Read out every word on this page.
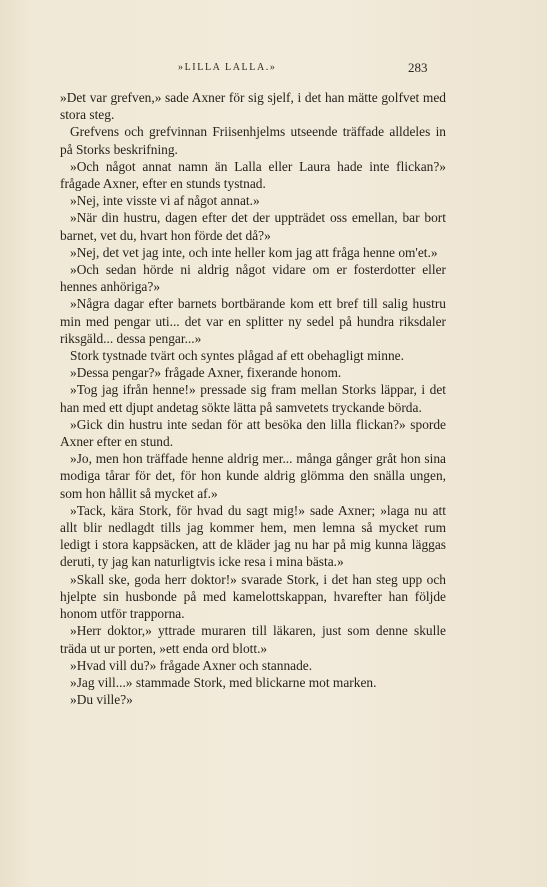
»LILLA LALLA.»	283

»Det var grefven,» sade Axner för sig sjelf, i det han mätte golfvet med stora steg.

Grefvens och grefvinnan Friisenhjelms utseende träffade alldeles in på Storks beskrifning.

»Och något annat namn än Lalla eller Laura hade inte flickan?» frågade Axner, efter en stunds tystnad.

»Nej, inte visste vi af något annat.»

»När din hustru, dagen efter det der uppträdet oss emellan, bar bort barnet, vet du, hvart hon förde det då?»

»Nej, det vet jag inte, och inte heller kom jag att fråga henne om'et.»

»Och sedan hörde ni aldrig något vidare om er fosterdotter eller hennes anhöriga?»

»Några dagar efter barnets bortbärande kom ett bref till salig hustru min med pengar uti... det var en splitter ny sedel på hundra riksdaler riksgäld... dessa pengar...»

Stork tystnade tvärt och syntes plågad af ett obehagligt minne.

»Dessa pengar?» frågade Axner, fixerande honom.

»Tog jag ifrån henne!» pressade sig fram mellan Storks läppar, i det han med ett djupt andetag sökte lätta på samvetets tryckande börda.

»Gick din hustru inte sedan för att besöka den lilla flickan?» sporde Axner efter en stund.

»Jo, men hon träffade henne aldrig mer... många gånger gråt hon sina modiga tårar för det, för hon kunde aldrig glömma den snälla ungen, som hon hållit så mycket af.»

»Tack, kära Stork, för hvad du sagt mig!» sade Axner; »laga nu att allt blir nedlagdt tills jag kommer hem, men lemna så mycket rum ledigt i stora kappsäcken, att de kläder jag nu har på mig kunna läggas deruti, ty jag kan naturligtvis icke resa i mina bästa.»

»Skall ske, goda herr doktor!» svarade Stork, i det han steg upp och hjelpte sin husbonde på med kamelottskappan, hvarefter han följde honom utför trapporna.

»Herr doktor,» yttrade muraren till läkaren, just som denne skulle träda ut ur porten, »ett enda ord blott.»

»Hvad vill du?» frågade Axner och stannade.

»Jag vill...» stammade Stork, med blickarne mot marken.

»Du ville?»
